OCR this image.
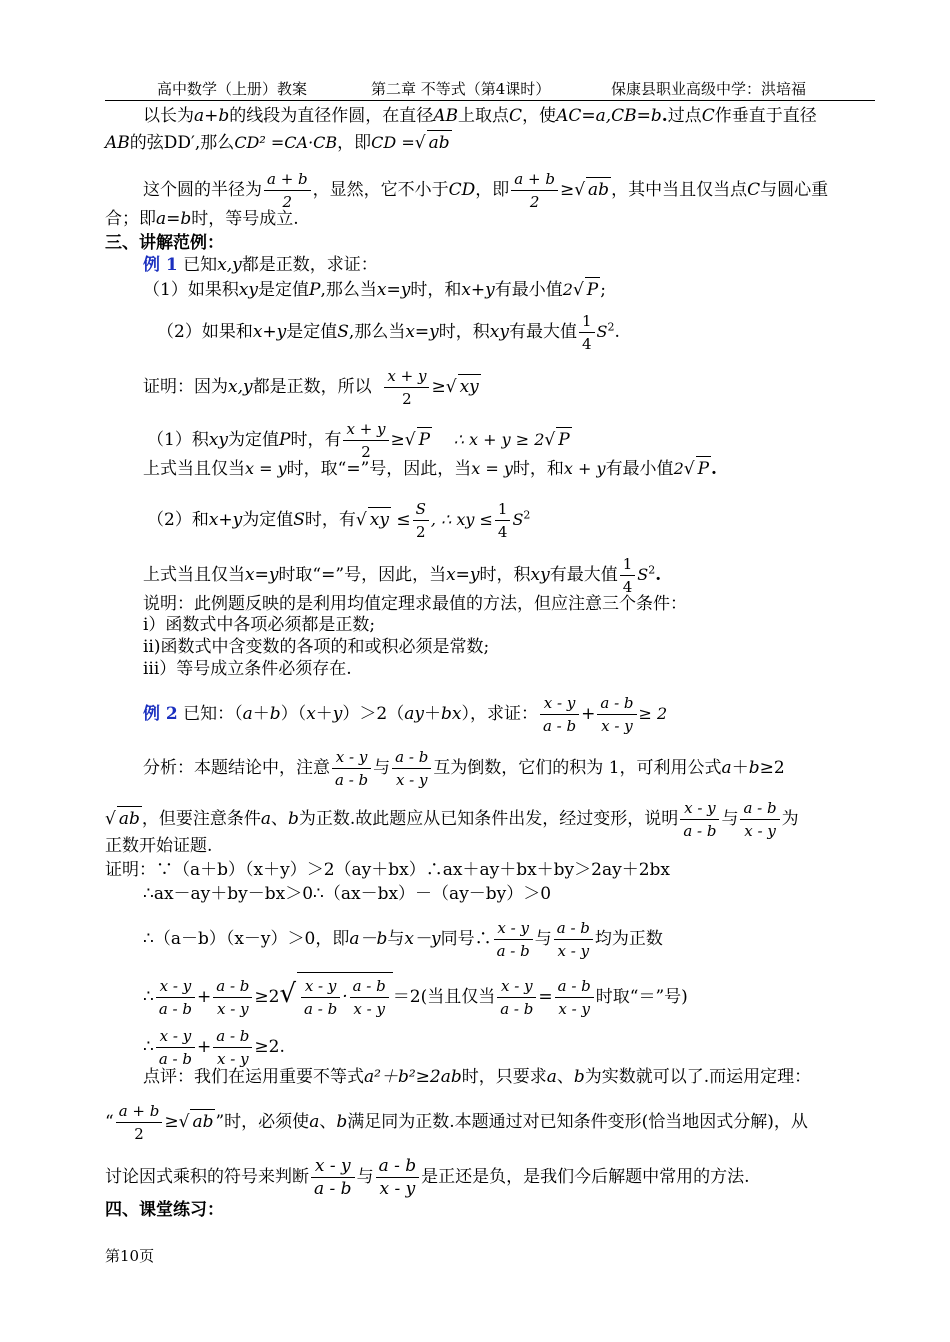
高中数学（上册）教案	第二章 不等式（第4课时）	保康县职业高级中学：洪培福
以长为a+b的线段为直径作圆，在直径AB上取点C，使AC=a,CB=b.过点C作垂直于直径
AB的弦DD′,那么CD² =CA·CB，即CD =√ ab
这个圆的半径为 $\frac{a + b}{2}$ ，显然，它不小于CD，即 $\frac{a + b}{2}$ ≥√ ab ，其中当且仅当点C与圆心重
合；即a=b时，等号成立.
三、讲解范例：
例 1 已知x,y都是正数，求证：
（1）如果积xy是定值P,那么当x=y时，和x+y有最小值2√ P ;
（2）如果和x+y是定值S,那么当x=y时，积xy有最大值 $\frac{1}{4} S^2$.
证明：因为x,y都是正数，所以 $\frac{x + y}{2}$ ≥√ xy
（1）积xy为定值P时，有 $\frac{x + y}{2}$ ≥√ P ∴ x + y ≥ 2√ P
上式当且仅当x = y时，取“=”号，因此，当x = y时，和x + y有最小值2√ P .
（2）和x+y为定值S时，有√ xy ≤ $\frac{S}{2}$ , ∴ xy ≤ $\frac{1}{4} S^2$
上式当且仅当x=y时取“=”号，因此，当x=y时，积xy有最大值 $\frac{1}{4} S^2$.
说明：此例题反映的是利用均值定理求最值的方法，但应注意三个条件：
ⅰ）函数式中各项必须都是正数;
ⅱ)函数式中含变数的各项的和或积必须是常数;
ⅲ）等号成立条件必须存在.
例 2 已知：（a＋b）（x＋y）＞2（ay＋bx），求证： $\frac{x - y}{a - b} + \frac{a - b}{x - y} \ge 2$
分析：本题结论中，注意 $\frac{x - y}{a - b}$ 与 $\frac{a - b}{x - y}$ 互为倒数，它们的积为 1，可利用公式a＋b≥2
√ ab ，但要注意条件a、b为正数.故此题应从已知条件出发，经过变形，说明 $\frac{x - y}{a - b}$ 与 $\frac{a - b}{x - y}$ 为
正数开始证题.
证明：∵（a＋b）（x＋y）＞2（ay＋bx）∴ax＋ay＋bx＋by＞2ay＋2bx
∴ax－ay＋by－bx＞0∴（ax－bx）－（ay－by）＞0
∴（a－b）（x－y）＞0，即a－b与x－y同号∴ $\frac{x - y}{a - b}$ 与 $\frac{a - b}{x - y}$ 均为正数
∴ $\frac{x - y}{a - b} + \frac{a - b}{x - y} \ge 2√ \frac{x - y}{a - b} \cdot \frac{a - b}{x - y} =2$(当且仅当 $\frac{x - y}{a - b} = \frac{a - b}{x - y}$ 时取“＝”号)
∴ $\frac{x - y}{a - b} + \frac{a - b}{x - y} \ge 2$.
点评：我们在运用重要不等式a²＋b²≥2ab时，只要求a、b为实数就可以了.而运用定理：
“ $\frac{a + b}{2}$ ≥√ ab ”时，必须使a、b满足同为正数.本题通过对已知条件变形(恰当地因式分解)，从
讨论因式乘积的符号来判断 $\frac{x - y}{a - b}$ 与 $\frac{a - b}{x - y}$ 是正还是负，是我们今后解题中常用的方法.
四、课堂练习：
第10页
